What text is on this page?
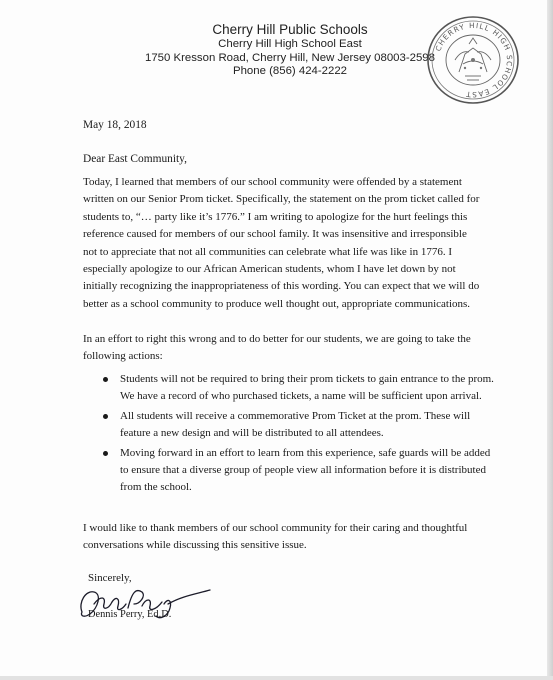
Cherry Hill Public Schools
Cherry Hill High School East
1750 Kresson Road, Cherry Hill, New Jersey 08003-2598
Phone (856) 424-2222
CHERRY HILL HIGH SCHOOL EAST
May 18, 2018
Dear East Community,

Today, I learned that members of our school community were offended by a statement written on our Senior Prom ticket. Specifically, the statement on the prom ticket called for students to, “… party like it’s 1776.” I am writing to apologize for the hurt feelings this reference caused for members of our school family. It was insensitive and irresponsible not to appreciate that not all communities can celebrate what life was like in 1776. I especially apologize to our African American students, whom I have let down by not initially recognizing the inappropriateness of this wording. You can expect that we will do better as a school community to produce well thought out, appropriate communications.

In an effort to right this wrong and to do better for our students, we are going to take the following actions:

Students will not be required to bring their prom tickets to gain entrance to the prom. We have a record of who purchased tickets, a name will be sufficient upon arrival.
All students will receive a commemorative Prom Ticket at the prom. These will feature a new design and will be distributed to all attendees.
Moving forward in an effort to learn from this experience, safe guards will be added to ensure that a diverse group of people view all information before it is distributed from the school.

I would like to thank members of our school community for their caring and thoughtful conversations while discussing this sensitive issue.

Sincerely,
Dennis Perry, Ed.D.
